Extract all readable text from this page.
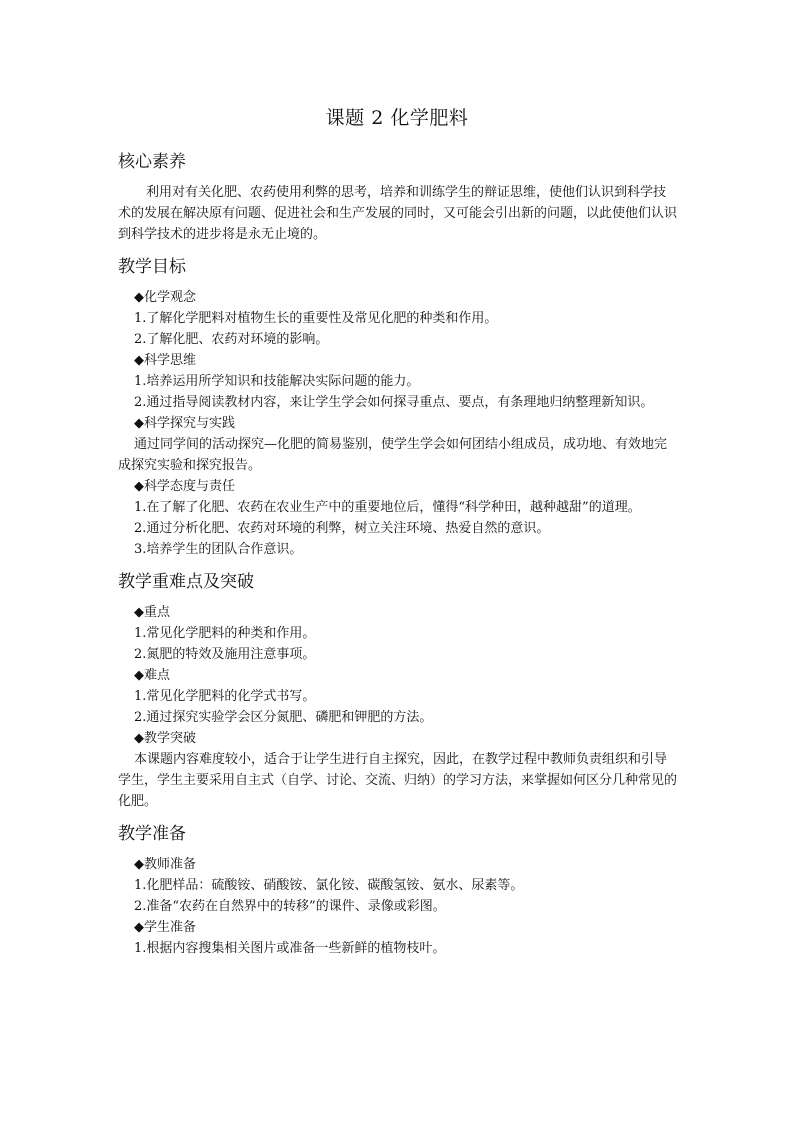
课题 2 化学肥料
核心素养

利用对有关化肥、农药使用利弊的思考，培养和训练学生的辩证思维，使他们认识到科学技术的发展在解决原有问题、促进社会和生产发展的同时，又可能会引出新的问题，以此使他们认识到科学技术的进步将是永无止境的。

教学目标

◆化学观念

1.了解化学肥料对植物生长的重要性及常见化肥的种类和作用。

2.了解化肥、农药对环境的影响。

◆科学思维

1.培养运用所学知识和技能解决实际问题的能力。

2.通过指导阅读教材内容，来让学生学会如何探寻重点、要点，有条理地归纳整理新知识。

◆科学探究与实践

通过同学间的活动探究—化肥的简易鉴别，使学生学会如何团结小组成员，成功地、有效地完成探究实验和探究报告。

◆科学态度与责任

1.在了解了化肥、农药在农业生产中的重要地位后，懂得“科学种田，越种越甜”的道理。

2.通过分析化肥、农药对环境的利弊，树立关注环境、热爱自然的意识。

3.培养学生的团队合作意识。

教学重难点及突破

◆重点

1.常见化学肥料的种类和作用。

2.氮肥的特效及施用注意事项。

◆难点

1.常见化学肥料的化学式书写。

2.通过探究实验学会区分氮肥、磷肥和钾肥的方法。

◆教学突破

本课题内容难度较小，适合于让学生进行自主探究，因此，在教学过程中教师负责组织和引导学生，学生主要采用自主式（自学、讨论、交流、归纳）的学习方法，来掌握如何区分几种常见的化肥。

教学准备

◆教师准备

1.化肥样品：硫酸铵、硝酸铵、氯化铵、碳酸氢铵、氨水、尿素等。

2.准备“农药在自然界中的转移”的课件、录像或彩图。

◆学生准备

1.根据内容搜集相关图片或准备一些新鲜的植物枝叶。
